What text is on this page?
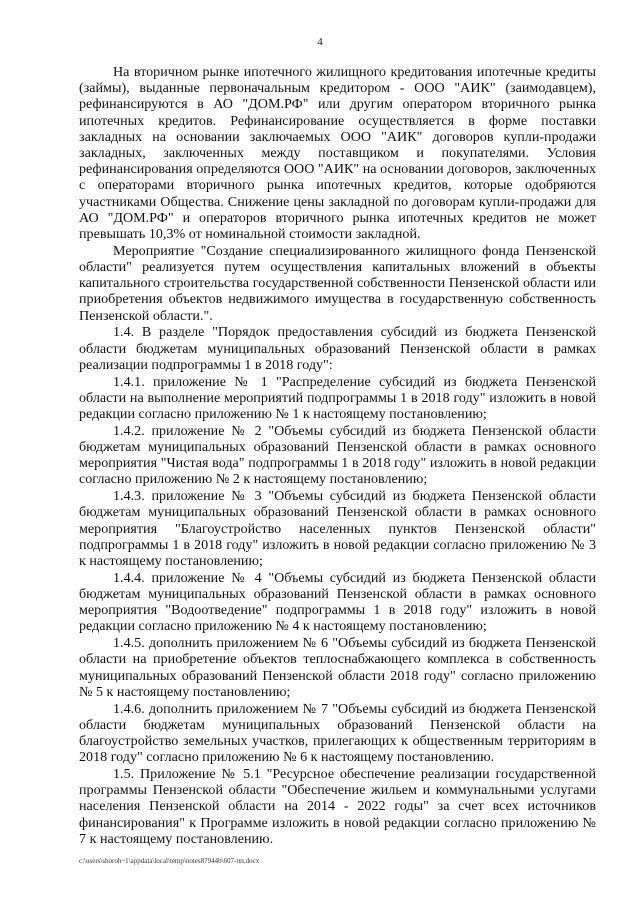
4

На вторичном рынке ипотечного жилищного кредитования ипотечные кредиты (займы), выданные первоначальным кредитором - ООО "АИК" (заимодавцем), рефинансируются в АО "ДОМ.РФ" или другим оператором вторичного рынка ипотечных кредитов. Рефинансирование осуществляется в форме поставки закладных на основании заключаемых ООО "АИК" договоров купли-продажи закладных, заключенных между поставщиком и покупателями. Условия рефинансирования определяются ООО "АИК" на основании договоров, заключенных с операторами вторичного рынка ипотечных кредитов, которые одобряются участниками Общества. Снижение цены закладной по договорам купли-продажи для АО "ДОМ.РФ" и операторов вторичного рынка ипотечных кредитов не может превышать 10,3% от номинальной стоимости закладной.

Мероприятие "Создание специализированного жилищного фонда Пензенской области" реализуется путем осуществления капитальных вложений в объекты капитального строительства государственной собственности Пензенской области или приобретения объектов недвижимого имущества в государственную собственность Пензенской области.".

1.4. В разделе "Порядок предоставления субсидий из бюджета Пензенской области бюджетам муниципальных образований Пензенской области в рамках реализации подпрограммы 1 в 2018 году":

1.4.1. приложение № 1 "Распределение субсидий из бюджета Пензенской области на выполнение мероприятий подпрограммы 1 в 2018 году" изложить в новой редакции согласно приложению № 1 к настоящему постановлению;

1.4.2. приложение № 2 "Объемы субсидий из бюджета Пензенской области бюджетам муниципальных образований Пензенской области в рамках основного мероприятия "Чистая вода" подпрограммы 1 в 2018 году" изложить в новой редакции согласно приложению № 2 к настоящему постановлению;

1.4.3. приложение № 3 "Объемы субсидий из бюджета Пензенской области бюджетам муниципальных образований Пензенской области в рамках основного мероприятия "Благоустройство населенных пунктов Пензенской области" подпрограммы 1 в 2018 году" изложить в новой редакции согласно приложению № 3 к настоящему постановлению;

1.4.4. приложение № 4 "Объемы субсидий из бюджета Пензенской области бюджетам муниципальных образований Пензенской области в рамках основного мероприятия "Водоотведение" подпрограммы 1 в 2018 году" изложить в новой редакции согласно приложению № 4 к настоящему постановлению;

1.4.5. дополнить приложением № 6 "Объемы субсидий из бюджета Пензенской области на приобретение объектов теплоснабжающего комплекса в собственность муниципальных образований Пензенской области 2018 году" согласно приложению № 5 к настоящему постановлению;

1.4.6. дополнить приложением № 7 "Объемы субсидий из бюджета Пензенской области бюджетам муниципальных образований Пензенской области на благоустройство земельных участков, прилегающих к общественным территориям в 2018 году" согласно приложению № 6 к настоящему постановлению.

1.5. Приложение № 5.1 "Ресурсное обеспечение реализации государственной программы Пензенской области "Обеспечение жильем и коммунальными услугами населения Пензенской области на 2014 - 2022 годы" за счет всех источников финансирования" к Программе изложить в новой редакции согласно приложению № 7 к настоящему постановлению.

c:\users\shoroh~1\appdata\local\temp\notes87944b\607-пп.docx
